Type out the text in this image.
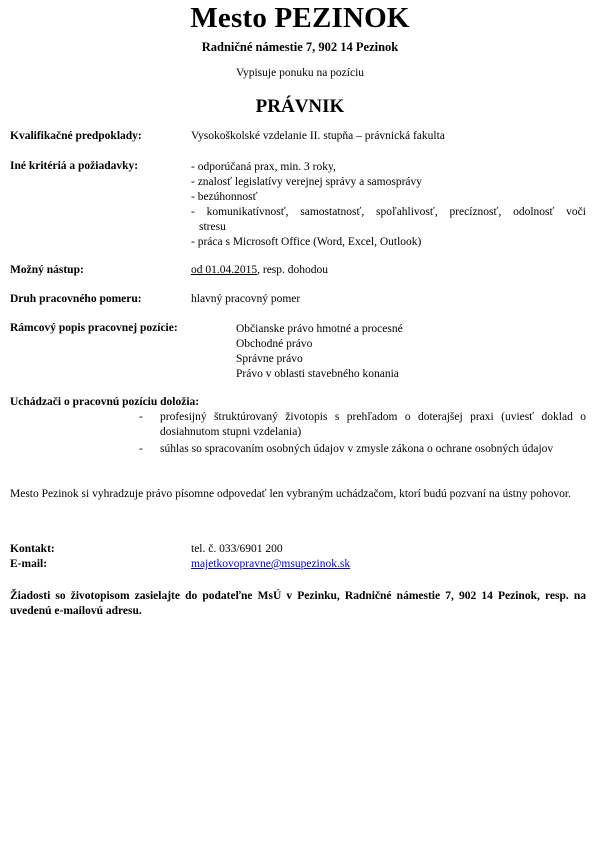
Mesto PEZINOK
Radničné námestie 7, 902 14 Pezinok
Vypisuje ponuku na pozíciu
PRÁVNIK
Kvalifikačné predpoklady:	Vysokoškolské vzdelanie II. stupňa – právnická fakulta
Iné kritériá a požiadavky:	- odporúčaná prax, min. 3 roky,
- znalosť legislatívy verejnej správy a samosprávy
- bezúhonnosť
- komunikatívnosť, samostatnosť, spoľahlivosť, precíznosť, odolnosť voči
stresu
- práca s Microsoft Office (Word, Excel, Outlook)
Možný nástup:	od 01.04.2015, resp. dohodou
Druh pracovného pomeru:	hlavný pracovný pomer
Rámcový popis pracovnej pozície:	Občianske právo hmotné a procesné
Obchodné právo
Správne právo
Právo v oblasti stavebného konania
Uchádzači o pracovnú pozíciu doložia:
-	profesijný štruktúrovaný životopis s prehľadom o doterajšej praxi (uviesť doklad o dosiahnutom stupni vzdelania)
-	súhlas so spracovaním osobných údajov v zmysle zákona o ochrane osobných údajov
Mesto Pezinok si vyhradzuje právo písomne odpovedať len vybraným uchádzačom, ktorí budú pozvaní na ústny pohovor.
Kontakt:	tel. č. 033/6901 200
E-mail:	majetkovopravne@msupezinok.sk
Žiadosti so životopisom zasielajte do podateľne MsÚ v Pezinku, Radničné námestie 7, 902 14 Pezinok, resp. na uvedenú e-mailovú adresu.
